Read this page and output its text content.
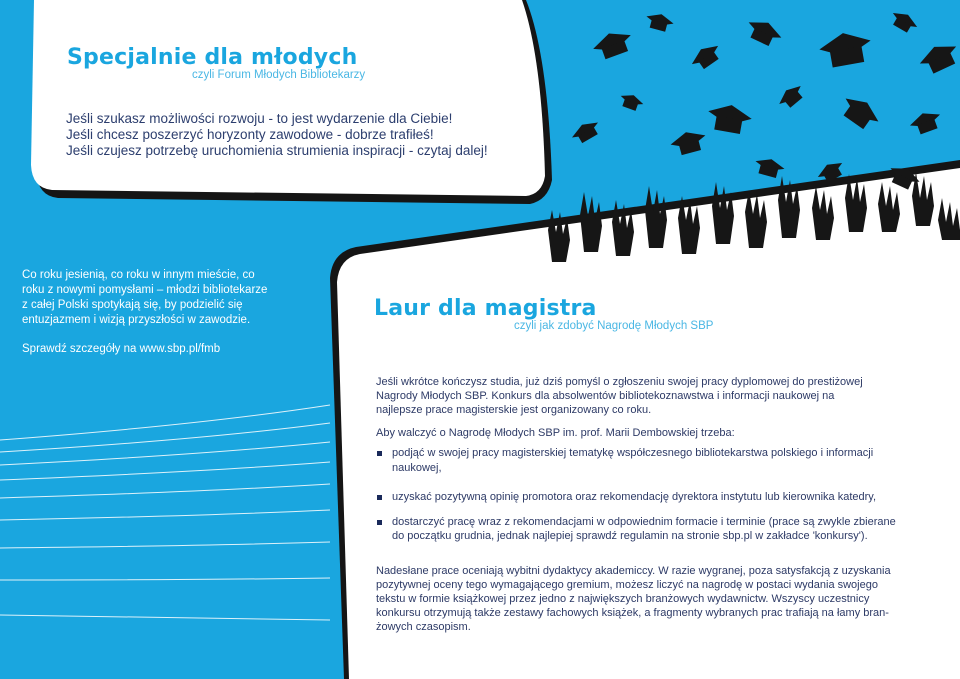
Specjalnie dla młodych
czyli Forum Młodych Bibliotekarzy
Jeśli szukasz możliwości rozwoju - to jest wydarzenie dla Ciebie!
Jeśli chcesz poszerzyć horyzonty zawodowe - dobrze trafiłeś!
Jeśli czujesz potrzebę uruchomienia strumienia inspiracji - czytaj dalej!
Co roku jesienią, co roku w innym mieście, co
roku z nowymi pomysłami – młodzi bibliotekarze
z całej Polski spotykają się, by podzielić się
entuzjazmem i wizją przyszłości w zawodzie.
Sprawdź szczegóły na www.sbp.pl/fmb
Laur dla magistra
czyli jak zdobyć Nagrodę Młodych SBP
Jeśli wkrótce kończysz studia, już dziś pomyśl o zgłoszeniu swojej pracy dyplomowej do prestiżowej
Nagrody Młodych SBP. Konkurs dla absolwentów bibliotekoznawstwa i informacji naukowej na
najlepsze prace magisterskie jest organizowany co roku.
Aby walczyć o Nagrodę Młodych SBP im. prof. Marii Dembowskiej trzeba:
podjąć w swojej pracy magisterskiej tematykę współczesnego bibliotekarstwa polskiego i informacji
naukowej,
uzyskać pozytywną opinię promotora oraz rekomendację dyrektora instytutu lub kierownika katedry,
dostarczyć pracę wraz z rekomendacjami w odpowiednim formacie i terminie (prace są zwykle zbierane
do początku grudnia, jednak najlepiej sprawdź regulamin na stronie sbp.pl w zakładce 'konkursy').
Nadesłane prace oceniają wybitni dydaktycy akademiccy. W razie wygranej, poza satysfakcją z uzyskania
pozytywnej oceny tego wymagającego gremium, możesz liczyć na nagrodę w postaci wydania swojego
tekstu w formie książkowej przez jedno z największych branżowych wydawnictw. Wszyscy uczestnicy
konkursu otrzymują także zestawy fachowych książek, a fragmenty wybranych prac trafiają na łamy bran-
żowych czasopism.
